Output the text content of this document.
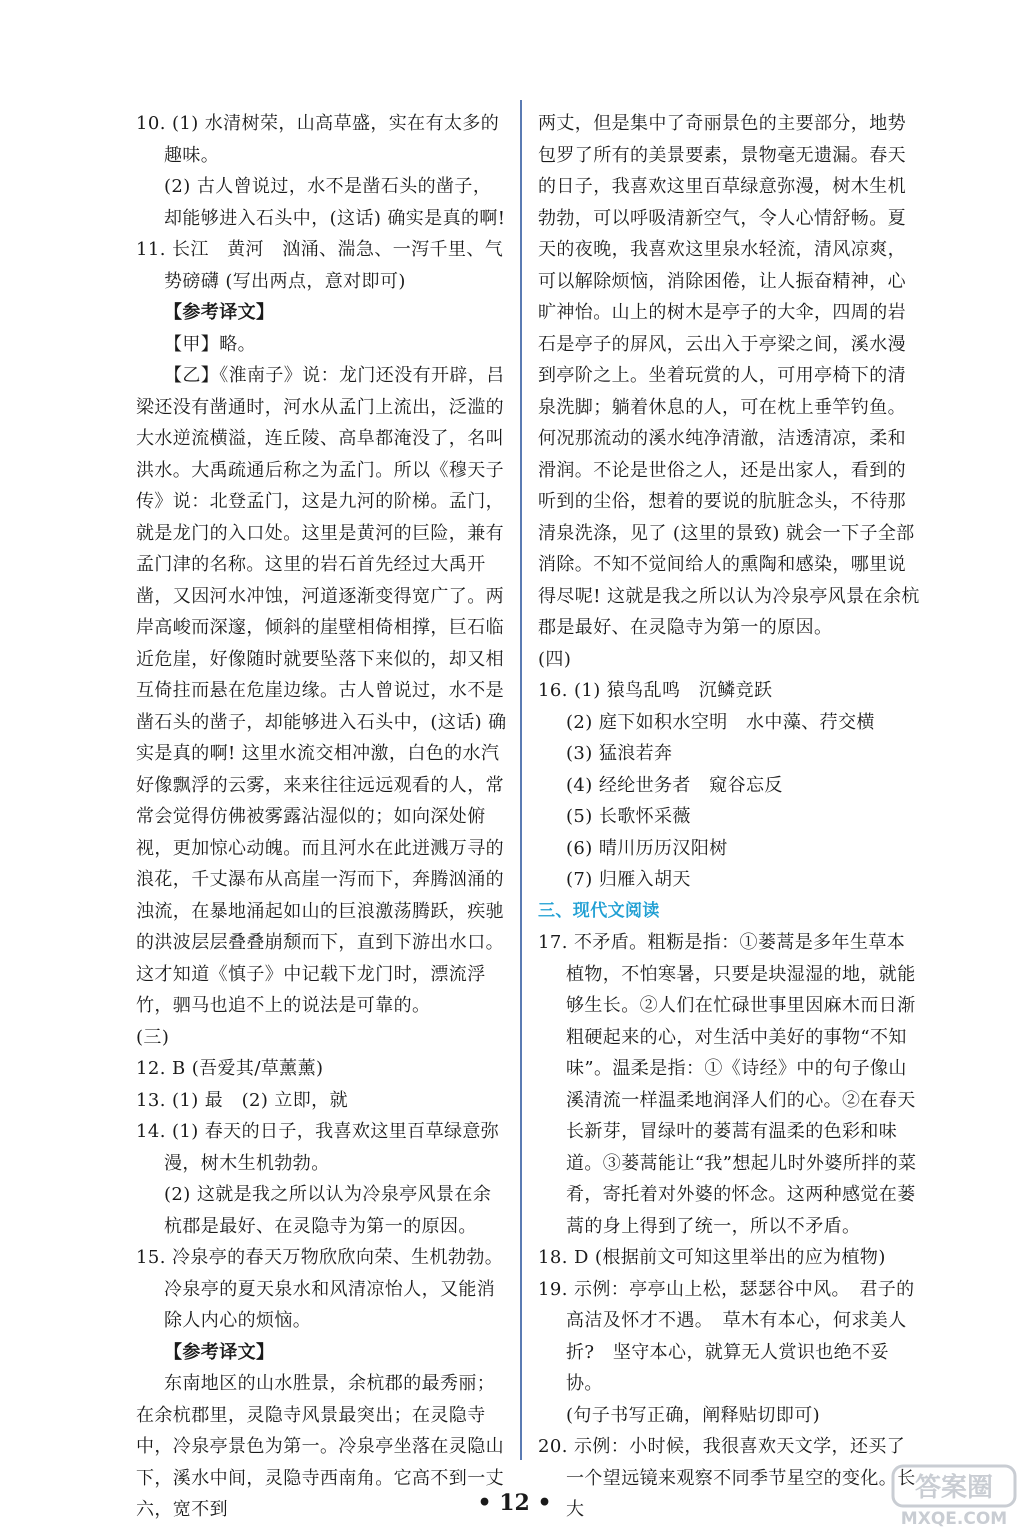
10. (1) 水清树荣，山高草盛，实在有太多的趣味。

(2) 古人曾说过，水不是凿石头的凿子，却能够进入石头中，(这话) 确实是真的啊!

11. 长江　黄河　汹涌、湍急、一泻千里、气势磅礴 (写出两点，意对即可)

【参考译文】

【甲】略。

【乙】《淮南子》说：龙门还没有开辟，吕梁还没有凿通时，河水从孟门上流出，泛滥的大水逆流横溢，连丘陵、高阜都淹没了，名叫洪水。大禹疏通后称之为孟门。所以《穆天子传》说：北登孟门，这是九河的阶梯。孟门，就是龙门的入口处。这里是黄河的巨险，兼有孟门津的名称。这里的岩石首先经过大禹开凿，又因河水冲蚀，河道逐渐变得宽广了。两岸高峻而深邃，倾斜的崖壁相倚相撑，巨石临近危崖，好像随时就要坠落下来似的，却又相互倚拄而悬在危崖边缘。古人曾说过，水不是凿石头的凿子，却能够进入石头中，(这话) 确实是真的啊! 这里水流交相冲激，白色的水汽好像飘浮的云雾，来来往往远远观看的人，常常会觉得仿佛被雾露沾湿似的；如向深处俯视，更加惊心动魄。而且河水在此迸溅万寻的浪花，千丈瀑布从高崖一泻而下，奔腾汹涌的浊流，在暴地涌起如山的巨浪激荡腾跃，疾驰的洪波层层叠叠崩颓而下，直到下游出水口。这才知道《慎子》中记载下龙门时，漂流浮竹，驷马也追不上的说法是可靠的。

(三)

12. B (吾爱其/草薰薰)

13. (1) 最　(2) 立即，就

14. (1) 春天的日子，我喜欢这里百草绿意弥漫，树木生机勃勃。

(2) 这就是我之所以认为冷泉亭风景在余杭郡是最好、在灵隐寺为第一的原因。

15. 冷泉亭的春天万物欣欣向荣、生机勃勃。冷泉亭的夏天泉水和风清凉怡人，又能消除人内心的烦恼。

【参考译文】

东南地区的山水胜景，余杭郡的最秀丽；在余杭郡里，灵隐寺风景最突出；在灵隐寺中，冷泉亭景色为第一。冷泉亭坐落在灵隐山下，溪水中间，灵隐寺西南角。它高不到一丈六，宽不到

两丈，但是集中了奇丽景色的主要部分，地势包罗了所有的美景要素，景物毫无遗漏。春天的日子，我喜欢这里百草绿意弥漫，树木生机勃勃，可以呼吸清新空气，令人心情舒畅。夏天的夜晚，我喜欢这里泉水轻流，清风凉爽，可以解除烦恼，消除困倦，让人振奋精神，心旷神怡。山上的树木是亭子的大伞，四周的岩石是亭子的屏风，云出入于亭梁之间，溪水漫到亭阶之上。坐着玩赏的人，可用亭椅下的清泉洗脚；躺着休息的人，可在枕上垂竿钓鱼。何况那流动的溪水纯净清澈，洁透清凉，柔和滑润。不论是世俗之人，还是出家人，看到的听到的尘俗，想着的要说的肮脏念头，不待那清泉洗涤，见了 (这里的景致) 就会一下子全部消除。不知不觉间给人的熏陶和感染，哪里说得尽呢! 这就是我之所以认为冷泉亭风景在余杭郡是最好、在灵隐寺为第一的原因。

(四)

16. (1) 猿鸟乱鸣　沉鳞竞跃

(2) 庭下如积水空明　水中藻、荇交横

(3) 猛浪若奔

(4) 经纶世务者　窥谷忘反

(5) 长歌怀采薇

(6) 晴川历历汉阳树

(7) 归雁入胡天

三、现代文阅读

17. 不矛盾。粗粝是指：①蒌蒿是多年生草本植物，不怕寒暑，只要是块湿湿的地，就能够生长。②人们在忙碌世事里因麻木而日渐粗硬起来的心，对生活中美好的事物“不知味”。温柔是指：①《诗经》中的句子像山溪清流一样温柔地润泽人们的心。②在春天长新芽，冒绿叶的蒌蒿有温柔的色彩和味道。③蒌蒿能让“我”想起儿时外婆所拌的菜肴，寄托着对外婆的怀念。这两种感觉在蒌蒿的身上得到了统一，所以不矛盾。

18. D (根据前文可知这里举出的应为植物)

19. 示例：亭亭山上松，瑟瑟谷中风。　君子的高洁及怀才不遇。　草木有本心，何求美人折?　坚守本心，就算无人赏识也绝不妥协。

(句子书写正确，阐释贴切即可)

20. 示例：小时候，我很喜欢天文学，还买了一个望远镜来观察不同季节星空的变化。长大

• 12 •	答案圈
MXQE.COM
